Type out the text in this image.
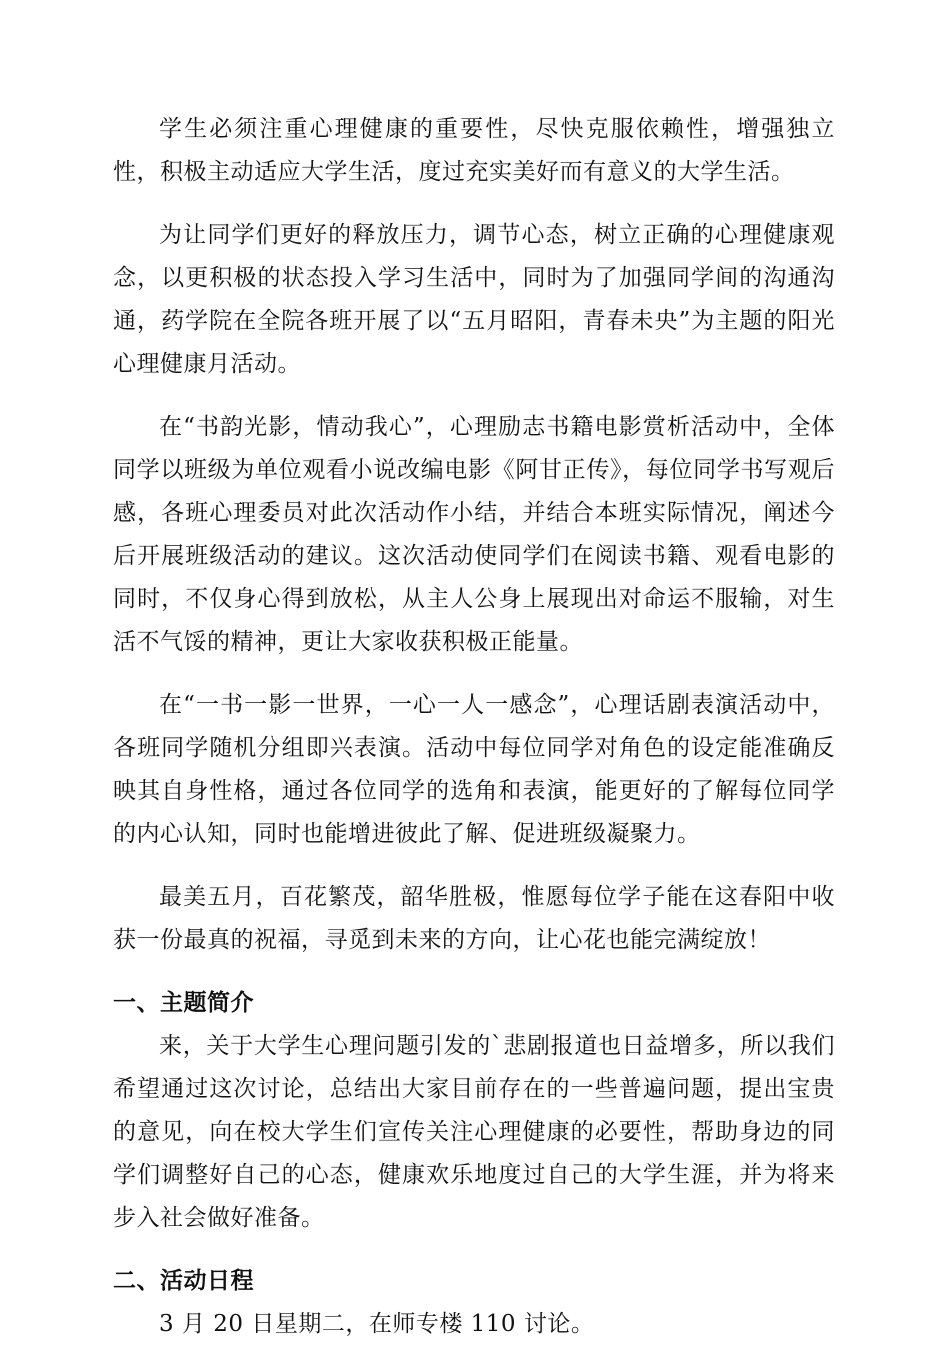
学生必须注重心理健康的重要性，尽快克服依赖性，增强独立性，积极主动适应大学生活，度过充实美好而有意义的大学生活。

为让同学们更好的释放压力，调节心态，树立正确的心理健康观念，以更积极的状态投入学习生活中，同时为了加强同学间的沟通沟通，药学院在全院各班开展了以“五月昭阳，青春未央”为主题的阳光心理健康月活动。

在“书韵光影，情动我心”，心理励志书籍电影赏析活动中，全体同学以班级为单位观看小说改编电影《阿甘正传》，每位同学书写观后感，各班心理委员对此次活动作小结，并结合本班实际情况，阐述今后开展班级活动的建议。这次活动使同学们在阅读书籍、观看电影的同时，不仅身心得到放松，从主人公身上展现出对命运不服输，对生活不气馁的精神，更让大家收获积极正能量。

在“一书一影一世界，一心一人一感念”，心理话剧表演活动中，各班同学随机分组即兴表演。活动中每位同学对角色的设定能准确反映其自身性格，通过各位同学的选角和表演，能更好的了解每位同学的内心认知，同时也能增进彼此了解、促进班级凝聚力。

最美五月，百花繁茂，韶华胜极，惟愿每位学子能在这春阳中收获一份最真的祝福，寻觅到未来的方向，让心花也能完满绽放！

一、主题简介

来，关于大学生心理问题引发的`悲剧报道也日益增多，所以我们希望通过这次讨论，总结出大家目前存在的一些普遍问题，提出宝贵的意见，向在校大学生们宣传关注心理健康的必要性，帮助身边的同学们调整好自己的心态，健康欢乐地度过自己的大学生涯，并为将来步入社会做好准备。

二、活动日程

3 月 20 日星期二，在师专楼 110 讨论。
